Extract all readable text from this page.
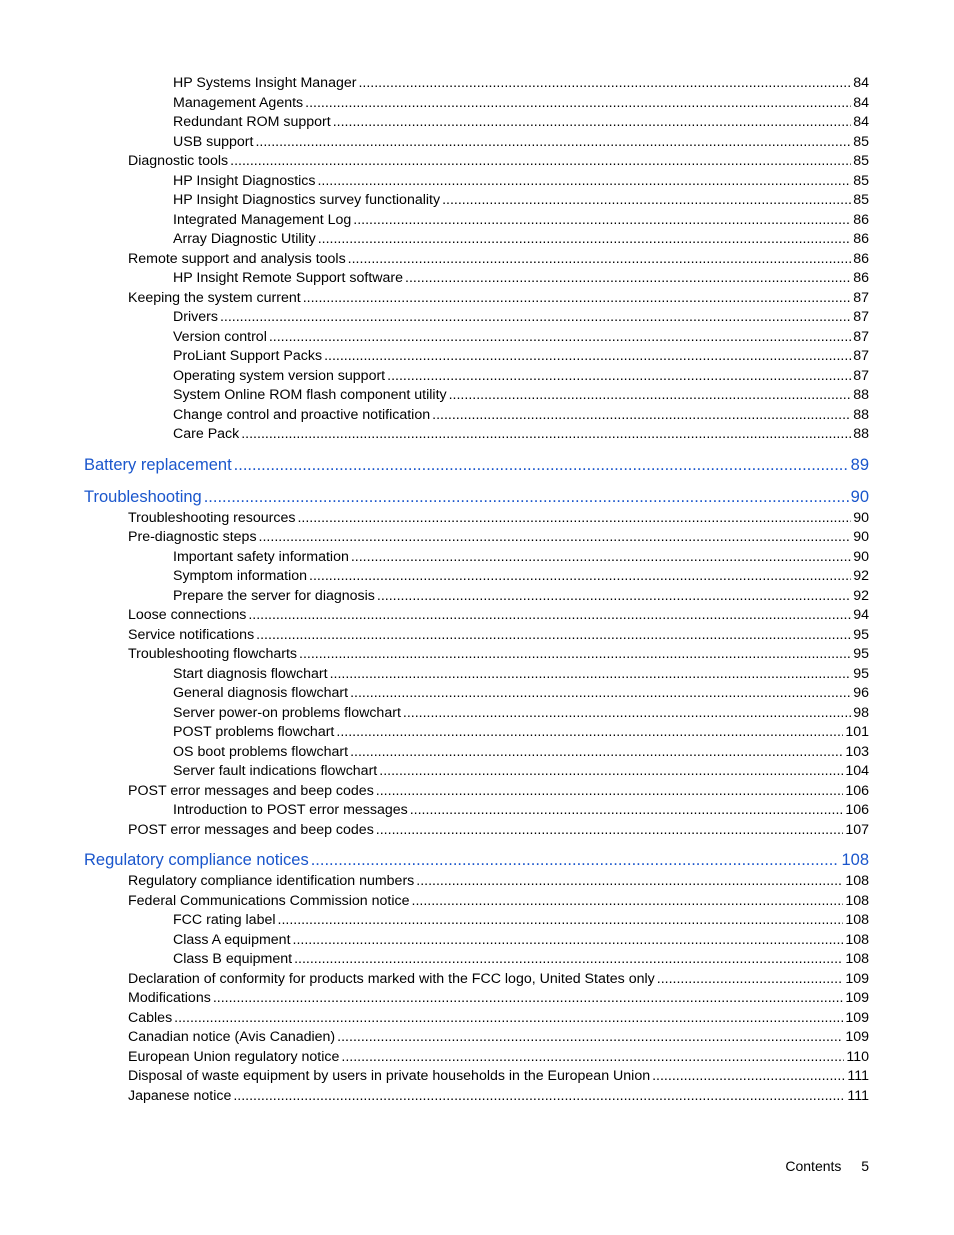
HP Systems Insight Manager .....	84
Management Agents .....	84
Redundant ROM support .....	84
USB support .....	85
Diagnostic tools .....	85
HP Insight Diagnostics .....	85
HP Insight Diagnostics survey functionality .....	85
Integrated Management Log .....	86
Array Diagnostic Utility .....	86
Remote support and analysis tools .....	86
HP Insight Remote Support software .....	86
Keeping the system current .....	87
Drivers .....	87
Version control .....	87
ProLiant Support Packs .....	87
Operating system version support .....	87
System Online ROM flash component utility .....	88
Change control and proactive notification .....	88
Care Pack .....	88
Battery replacement .....	89
Troubleshooting .....	90
Troubleshooting resources .....	90
Pre-diagnostic steps .....	90
Important safety information .....	90
Symptom information .....	92
Prepare the server for diagnosis .....	92
Loose connections .....	94
Service notifications .....	95
Troubleshooting flowcharts .....	95
Start diagnosis flowchart .....	95
General diagnosis flowchart .....	96
Server power-on problems flowchart .....	98
POST problems flowchart .....	101
OS boot problems flowchart .....	103
Server fault indications flowchart .....	104
POST error messages and beep codes .....	106
Introduction to POST error messages .....	106
POST error messages and beep codes .....	107
Regulatory compliance notices .....	108
Regulatory compliance identification numbers .....	108
Federal Communications Commission notice .....	108
FCC rating label .....	108
Class A equipment .....	108
Class B equipment .....	108
Declaration of conformity for products marked with the FCC logo, United States only .....	109
Modifications .....	109
Cables .....	109
Canadian notice (Avis Canadien) .....	109
European Union regulatory notice .....	110
Disposal of waste equipment by users in private households in the European Union .....	111
Japanese notice .....	111
Contents 5
